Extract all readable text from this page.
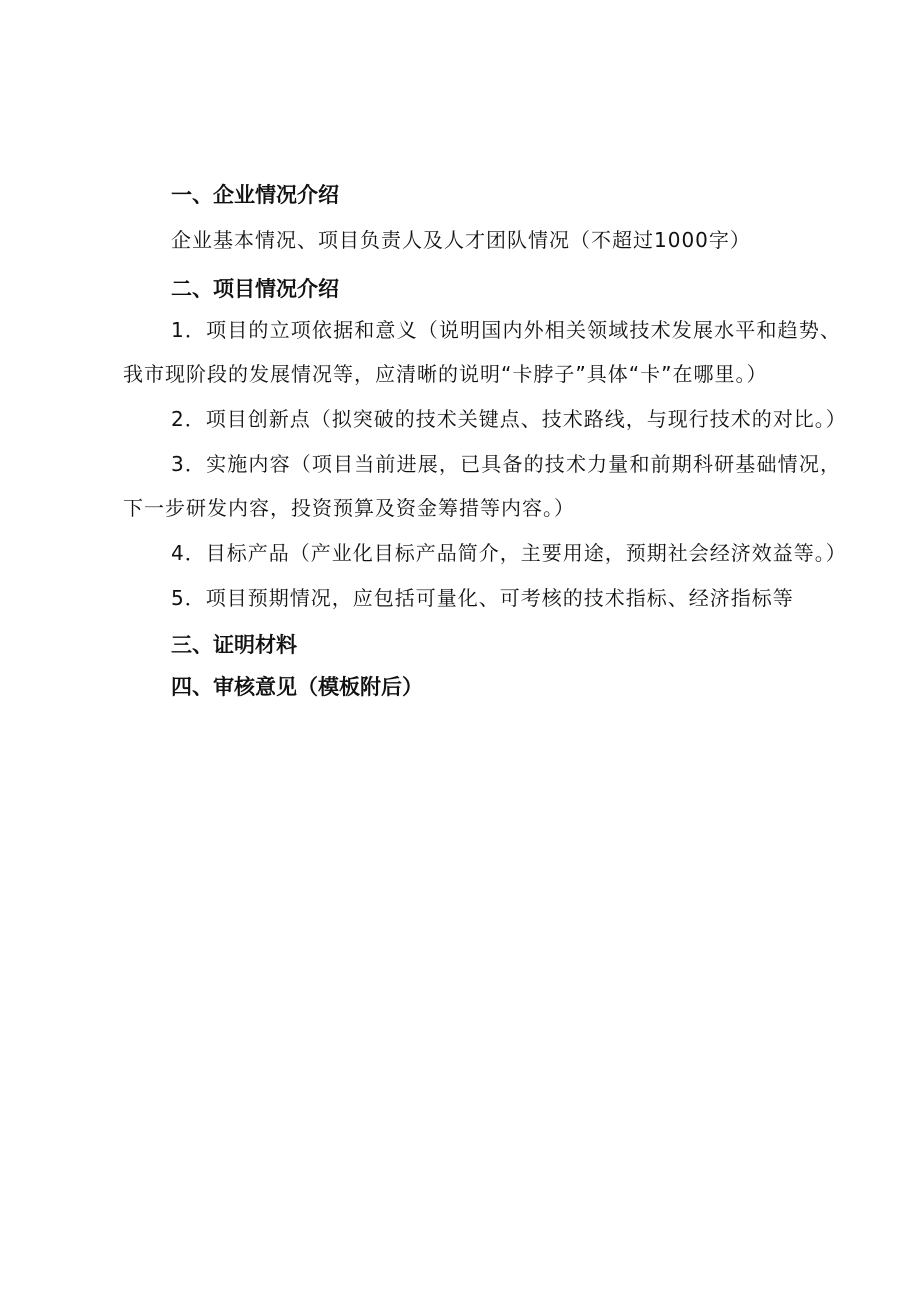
一、企业情况介绍

企业基本情况、项目负责人及人才团队情况（不超过1000字）

二、项目情况介绍

1．项目的立项依据和意义（说明国内外相关领域技术发展水平和趋势、我市现阶段的发展情况等，应清晰的说明“卡脖子”具体“卡”在哪里。）

2．项目创新点（拟突破的技术关键点、技术路线，与现行技术的对比。）

3．实施内容（项目当前进展，已具备的技术力量和前期科研基础情况，下一步研发内容，投资预算及资金筹措等内容。）

4．目标产品（产业化目标产品简介，主要用途，预期社会经济效益等。）

5．项目预期情况，应包括可量化、可考核的技术指标、经济指标等

三、证明材料

四、审核意见（模板附后）
